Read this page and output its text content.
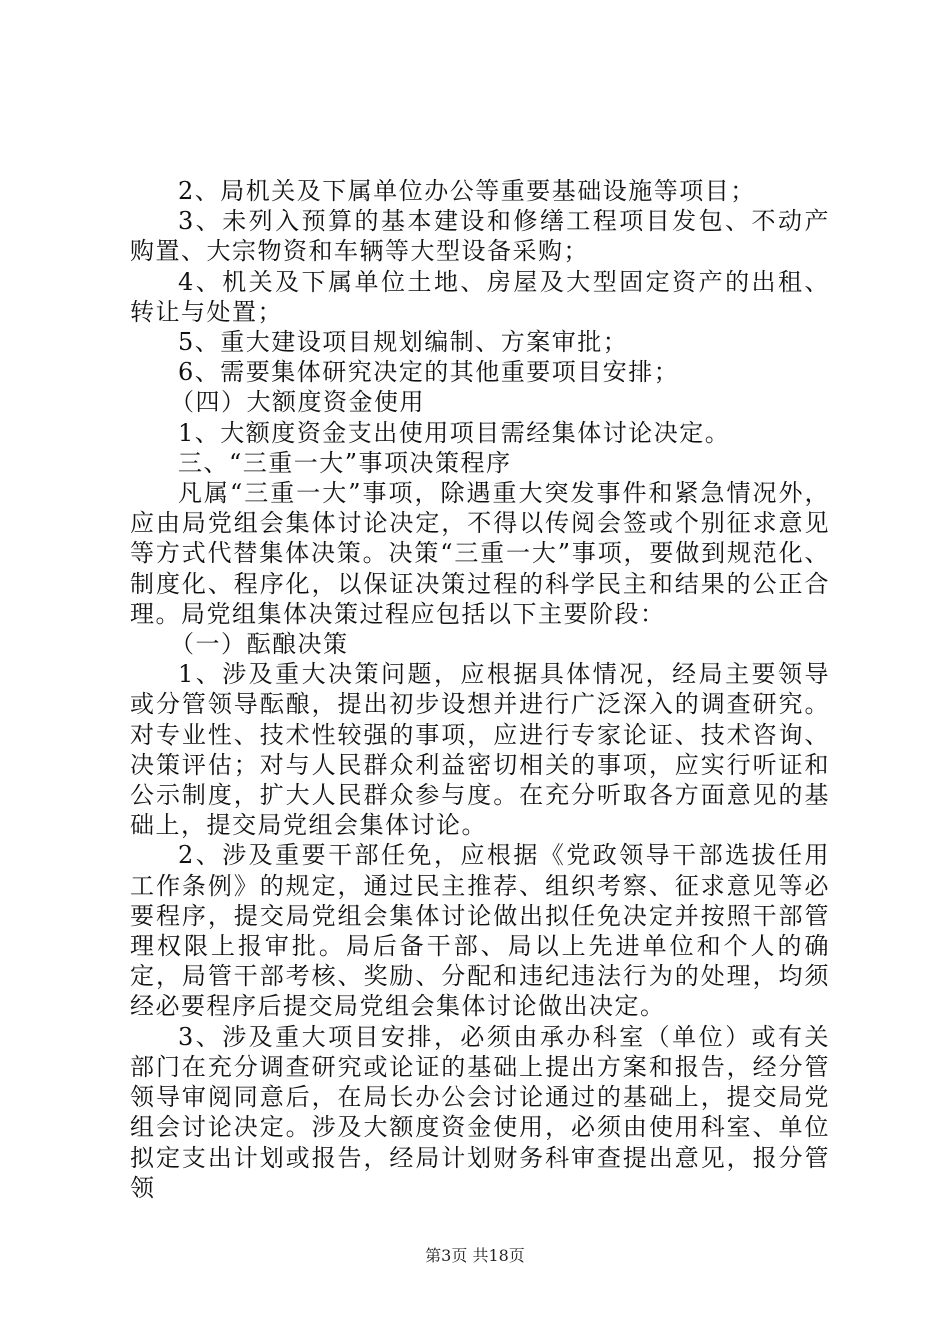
2、局机关及下属单位办公等重要基础设施等项目；

3、未列入预算的基本建设和修缮工程项目发包、不动产购置、大宗物资和车辆等大型设备采购；

4、机关及下属单位土地、房屋及大型固定资产的出租、转让与处置；

5、重大建设项目规划编制、方案审批；

6、需要集体研究决定的其他重要项目安排；

（四）大额度资金使用

1、大额度资金支出使用项目需经集体讨论决定。

三、“三重一大”事项决策程序

凡属“三重一大”事项，除遇重大突发事件和紧急情况外，应由局党组会集体讨论决定，不得以传阅会签或个别征求意见等方式代替集体决策。决策“三重一大”事项，要做到规范化、制度化、程序化，以保证决策过程的科学民主和结果的公正合理。局党组集体决策过程应包括以下主要阶段：

（一）酝酿决策

1、涉及重大决策问题，应根据具体情况，经局主要领导或分管领导酝酿，提出初步设想并进行广泛深入的调查研究。对专业性、技术性较强的事项，应进行专家论证、技术咨询、决策评估；对与人民群众利益密切相关的事项，应实行听证和公示制度，扩大人民群众参与度。在充分听取各方面意见的基础上，提交局党组会集体讨论。

2、涉及重要干部任免，应根据《党政领导干部选拔任用工作条例》的规定，通过民主推荐、组织考察、征求意见等必要程序，提交局党组会集体讨论做出拟任免决定并按照干部管理权限上报审批。局后备干部、局以上先进单位和个人的确定，局管干部考核、奖励、分配和违纪违法行为的处理，均须经必要程序后提交局党组会集体讨论做出决定。

3、涉及重大项目安排，必须由承办科室（单位）或有关部门在充分调查研究或论证的基础上提出方案和报告，经分管领导审阅同意后，在局长办公会讨论通过的基础上，提交局党组会讨论决定。涉及大额度资金使用，必须由使用科室、单位拟定支出计划或报告，经局计划财务科审查提出意见，报分管领

第3页 共18页
